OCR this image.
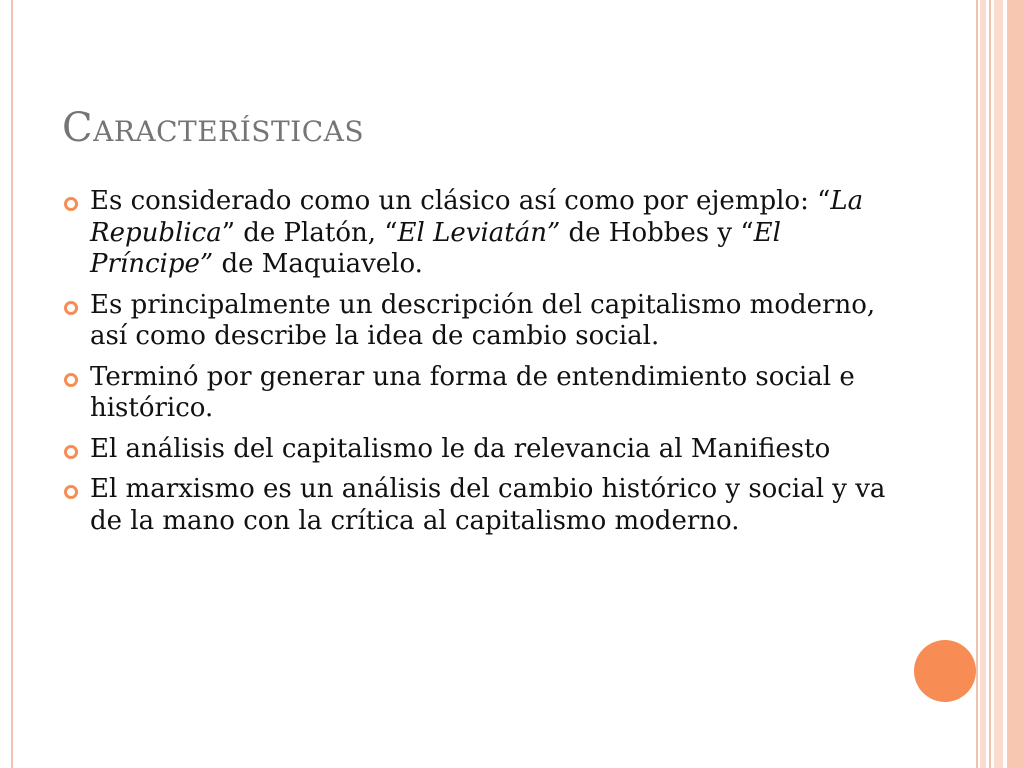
Características
Es considerado como un clásico así como por ejemplo: “La Republica” de Platón, “El Leviatán” de Hobbes y “El Príncipe” de Maquiavelo.
Es principalmente un descripción del capitalismo moderno, así como describe la idea de cambio social.
Terminó por generar una forma de entendimiento social e histórico.
El análisis del capitalismo le da relevancia al Manifiesto
El marxismo es un análisis del cambio histórico y social y va de la mano con la crítica al capitalismo moderno.
